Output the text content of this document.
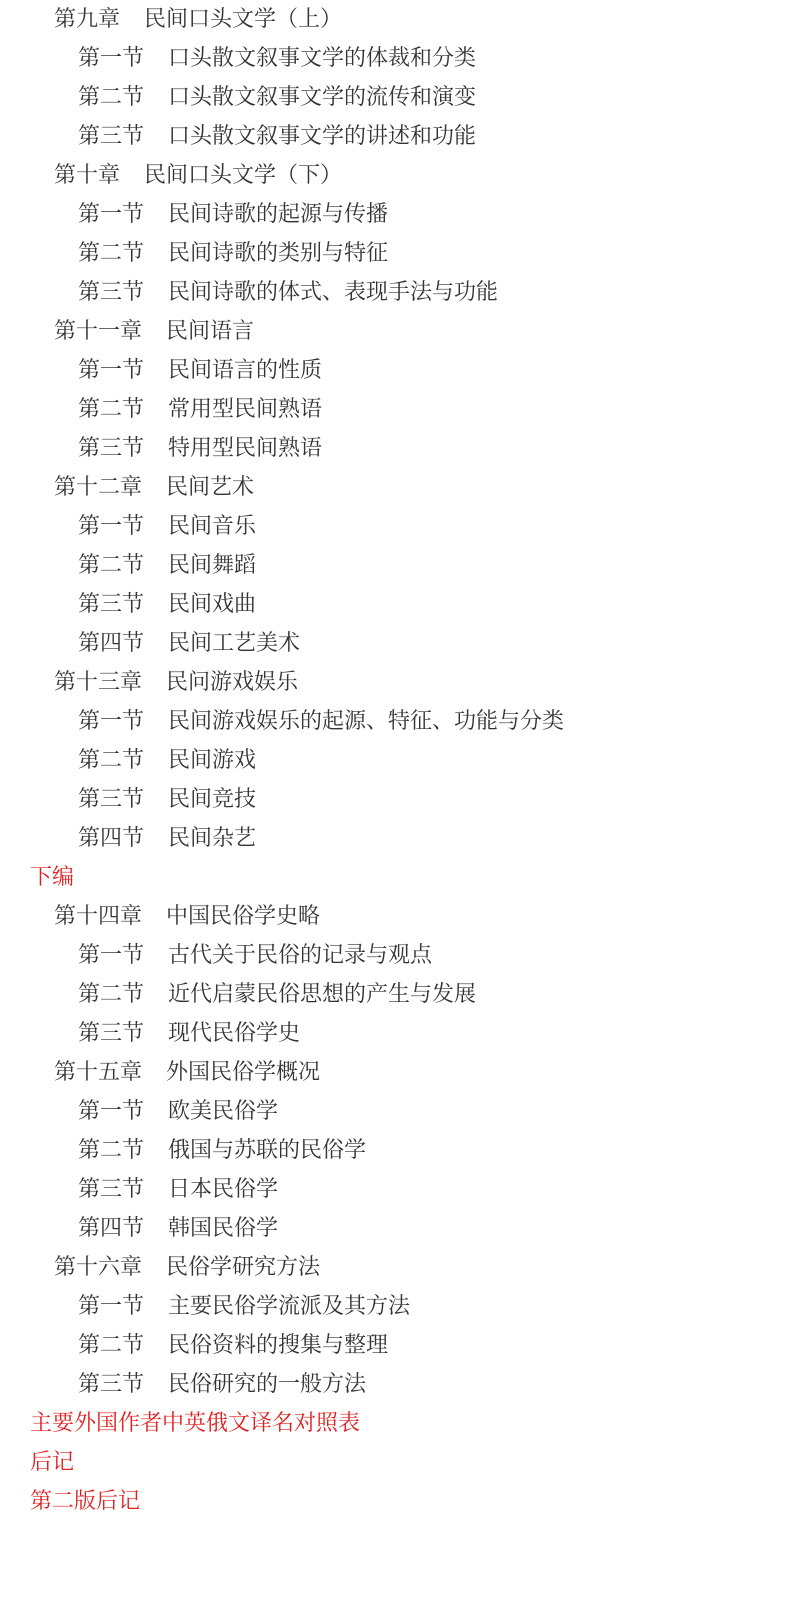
第九章 民间口头文学（上）
第一节 口头散文叙事文学的体裁和分类
第二节 口头散文叙事文学的流传和演变
第三节 口头散文叙事文学的讲述和功能
第十章 民间口头文学（下）
第一节 民间诗歌的起源与传播
第二节 民间诗歌的类别与特征
第三节 民间诗歌的体式、表现手法与功能
第十一章 民间语言
第一节 民间语言的性质
第二节 常用型民间熟语
第三节 特用型民间熟语
第十二章 民间艺术
第一节 民间音乐
第二节 民间舞蹈
第三节 民间戏曲
第四节 民间工艺美术
第十三章 民问游戏娱乐
第一节 民间游戏娱乐的起源、特征、功能与分类
第二节 民间游戏
第三节 民间竞技
第四节 民间杂艺
下编
第十四章 中国民俗学史略
第一节 古代关于民俗的记录与观点
第二节 近代启蒙民俗思想的产生与发展
第三节 现代民俗学史
第十五章 外国民俗学概况
第一节 欧美民俗学
第二节 俄国与苏联的民俗学
第三节 日本民俗学
第四节 韩国民俗学
第十六章 民俗学研究方法
第一节 主要民俗学流派及其方法
第二节 民俗资料的搜集与整理
第三节 民俗研究的一般方法
主要外国作者中英俄文译名对照表
后记
第二版后记
